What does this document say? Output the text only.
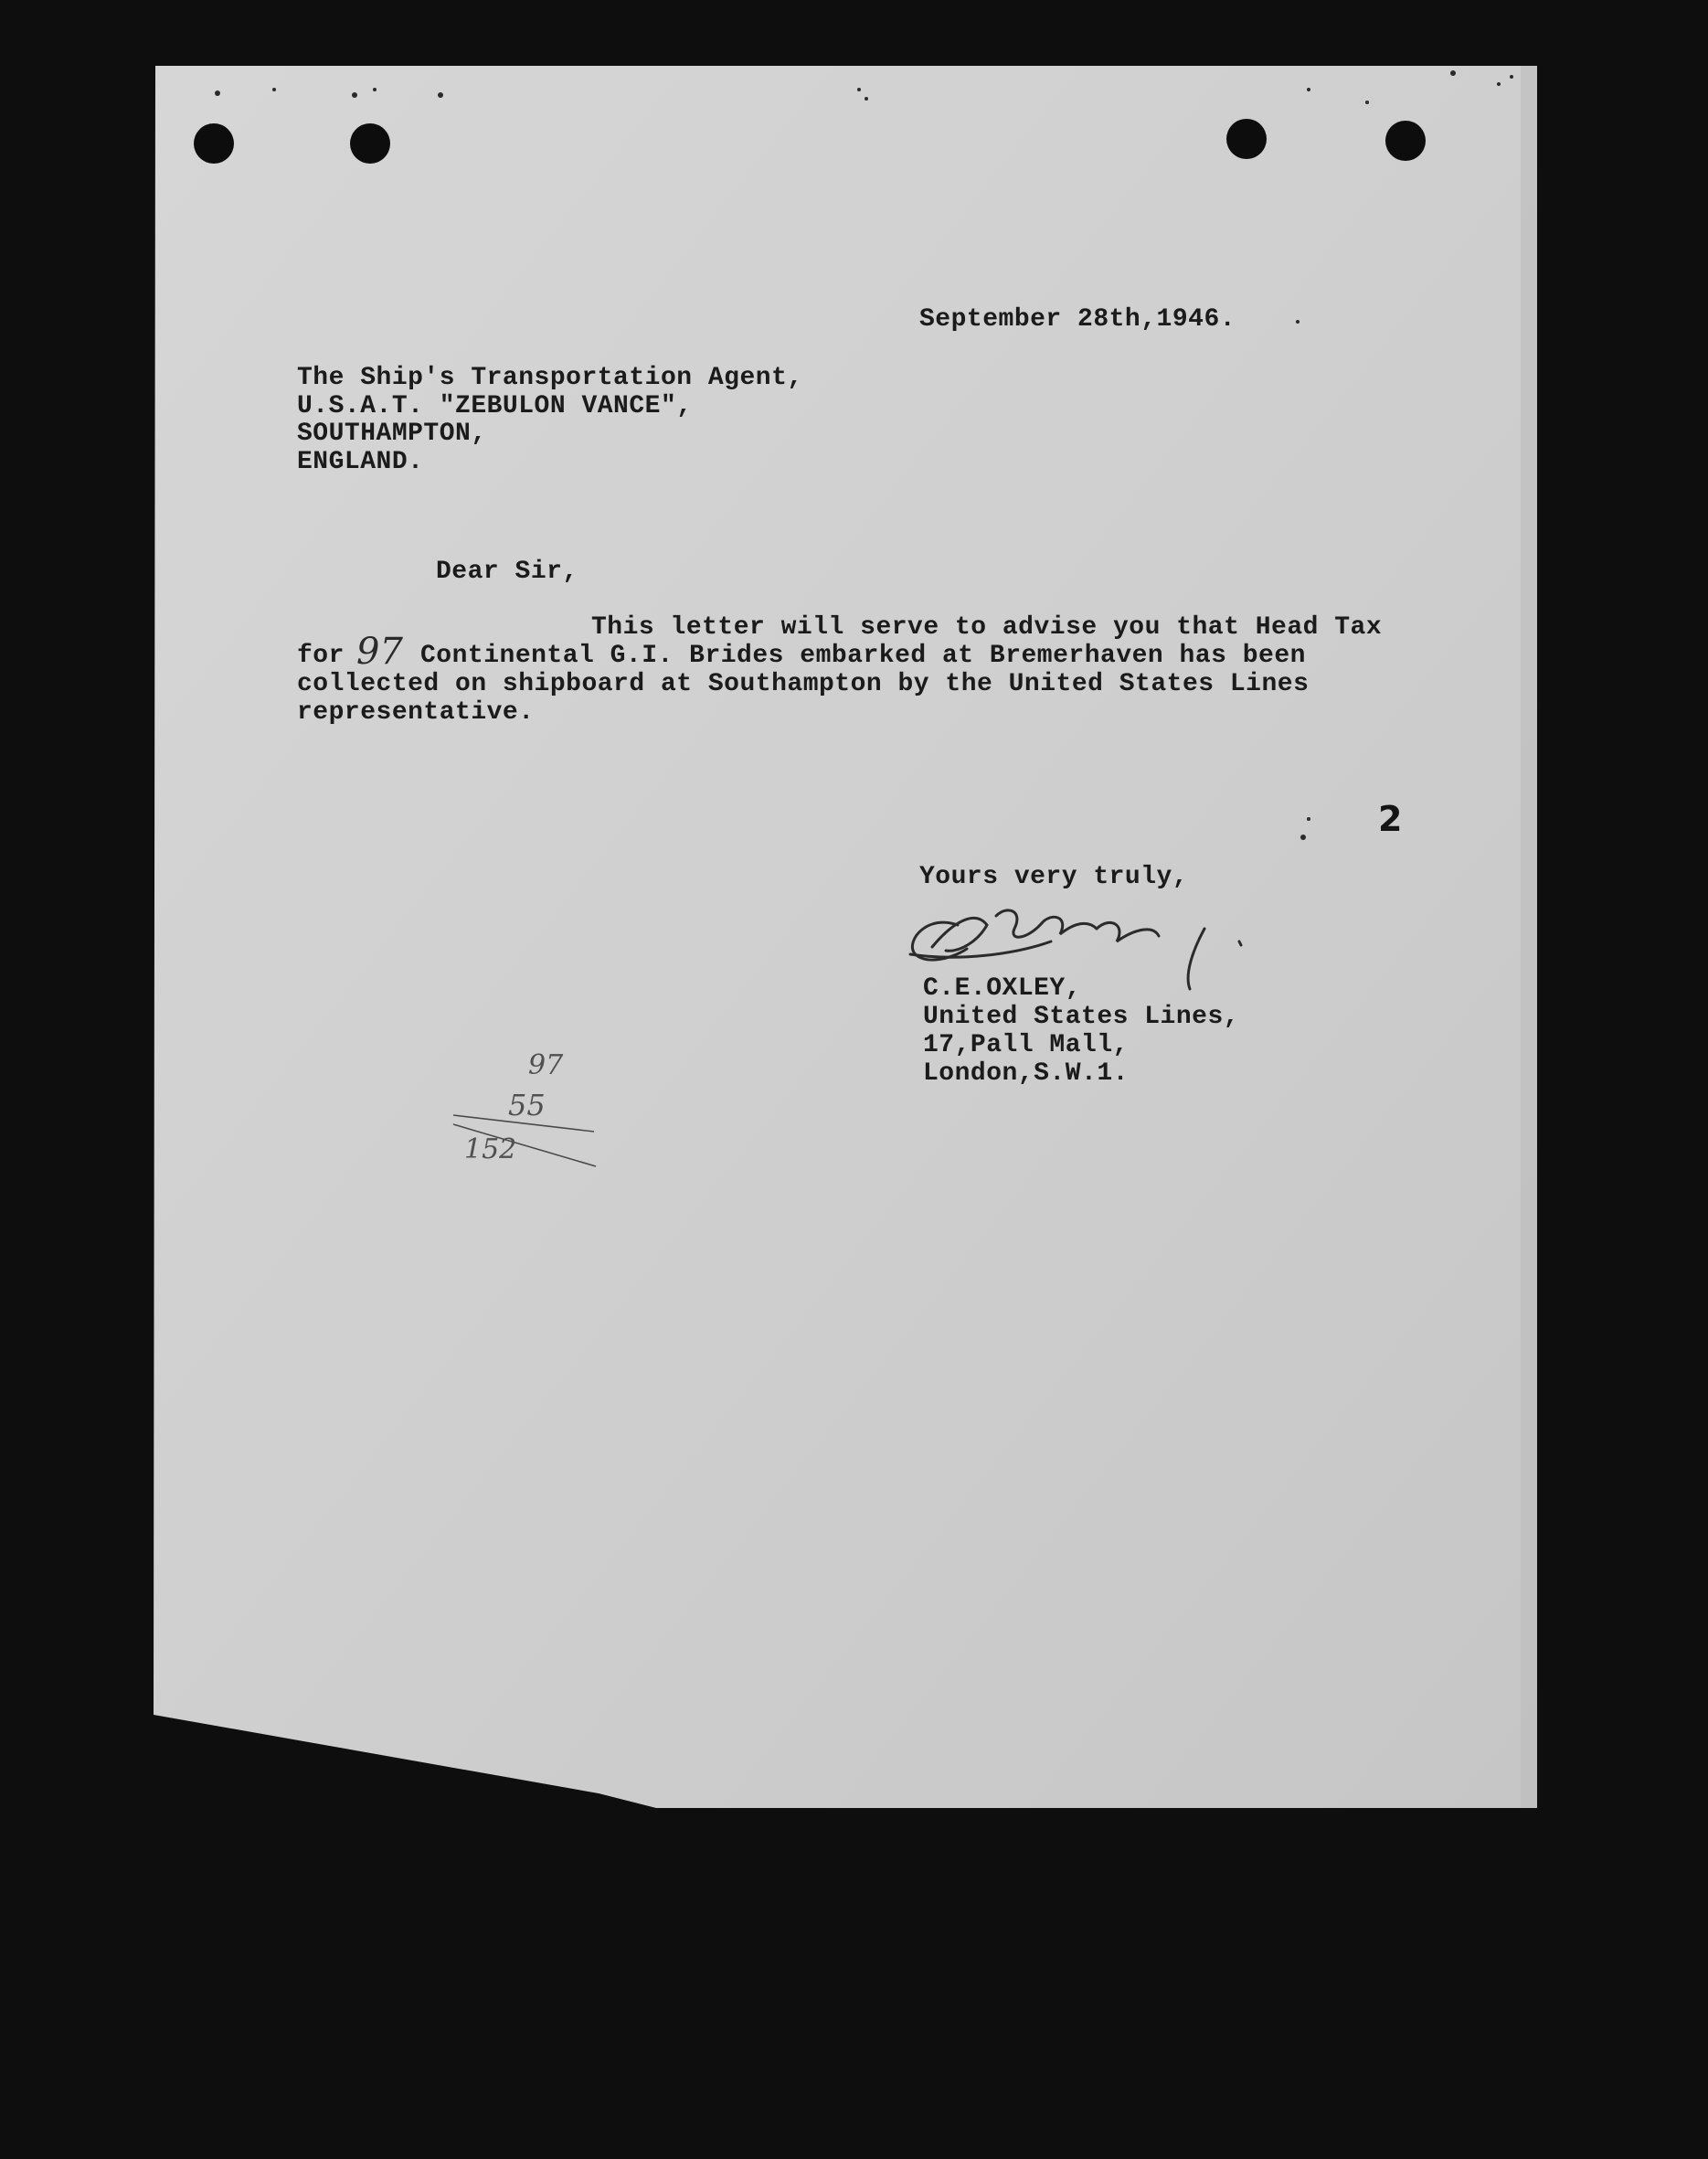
September 28th,1946.
The Ship's Transportation Agent,
U.S.A.T. "ZEBULON VANCE",
SOUTHAMPTON,
ENGLAND.
Dear Sir,
This letter will serve to advise you that Head Tax
for 97 Continental G.I. Brides embarked at Bremerhaven has been
collected on shipboard at Southampton by the United States Lines
representative.
2
Yours very truly,
C.E.OXLEY,
United States Lines,
17,Pall Mall,
London,S.W.1.
97
55
152
